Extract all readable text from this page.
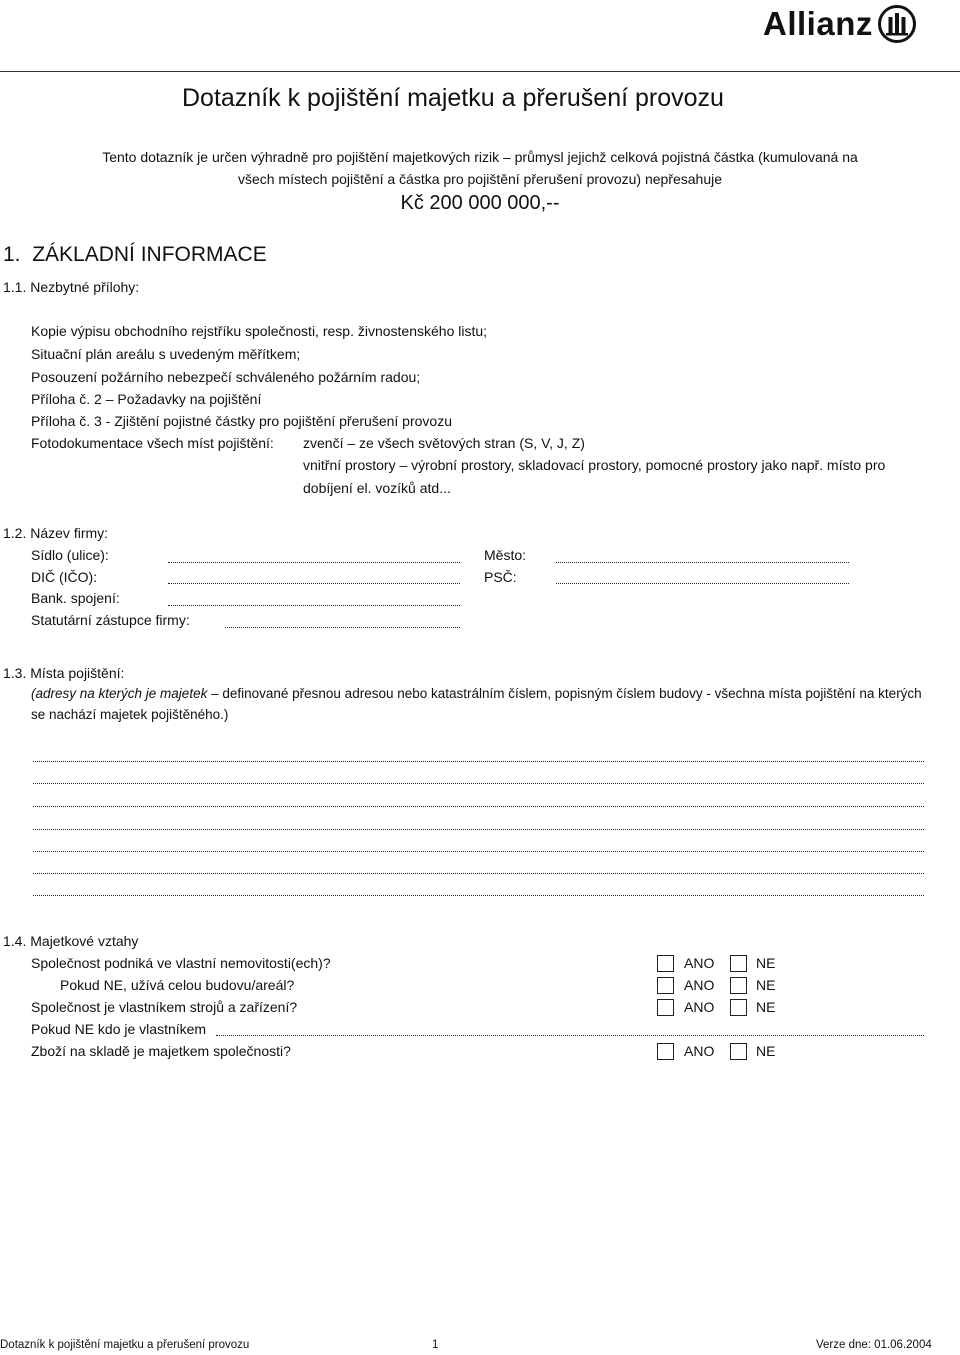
Allianz
Dotazník k pojištění majetku a přerušení provozu
Tento dotazník je určen výhradně pro pojištění majetkových rizik – průmysl jejichž celková pojistná částka (kumulovaná na
všech místech pojištění a částka pro pojištění přerušení provozu) nepřesahuje
Kč 200 000 000,--
1. ZÁKLADNÍ INFORMACE
1.1. Nezbytné přílohy:
Kopie výpisu obchodního rejstříku společnosti, resp. živnostenského listu;
Situační plán areálu s uvedeným měřítkem;
Posouzení požárního nebezpečí schváleného požárním radou;
Příloha č. 2 – Požadavky na pojištění
Příloha č. 3 - Zjištění pojistné částky pro pojištění přerušení provozu
Fotodokumentace všech míst pojištění: zvenčí – ze všech světových stran (S, V, J, Z)
vnitřní prostory – výrobní prostory, skladovací prostory, pomocné prostory jako např. místo pro
dobíjení el. vozíků atd...
1.2. Název firmy:
Sídlo (ulice):	Město:
DIČ (IČO):	PSČ:
Bank. spojení:
Statutární zástupce firmy:
1.3. Místa pojištění:
(adresy na kterých je majetek – definované přesnou adresou nebo katastrálním číslem, popisným číslem budovy - všechna místa pojištění na kterých
se nachází majetek pojištěného.)
1.4. Majetkové vztahy
Společnost podniká ve vlastní nemovitosti(ech)?	ANO	NE
Pokud NE, užívá celou budovu/areál?	ANO	NE
Společnost je vlastníkem strojů a zařízení?	ANO	NE
Pokud NE kdo je vlastníkem
Zboží na skladě je majetkem společnosti?	ANO	NE
Dotazník k pojištění majetku a přerušení provozu	1	Verze dne: 01.06.2004
